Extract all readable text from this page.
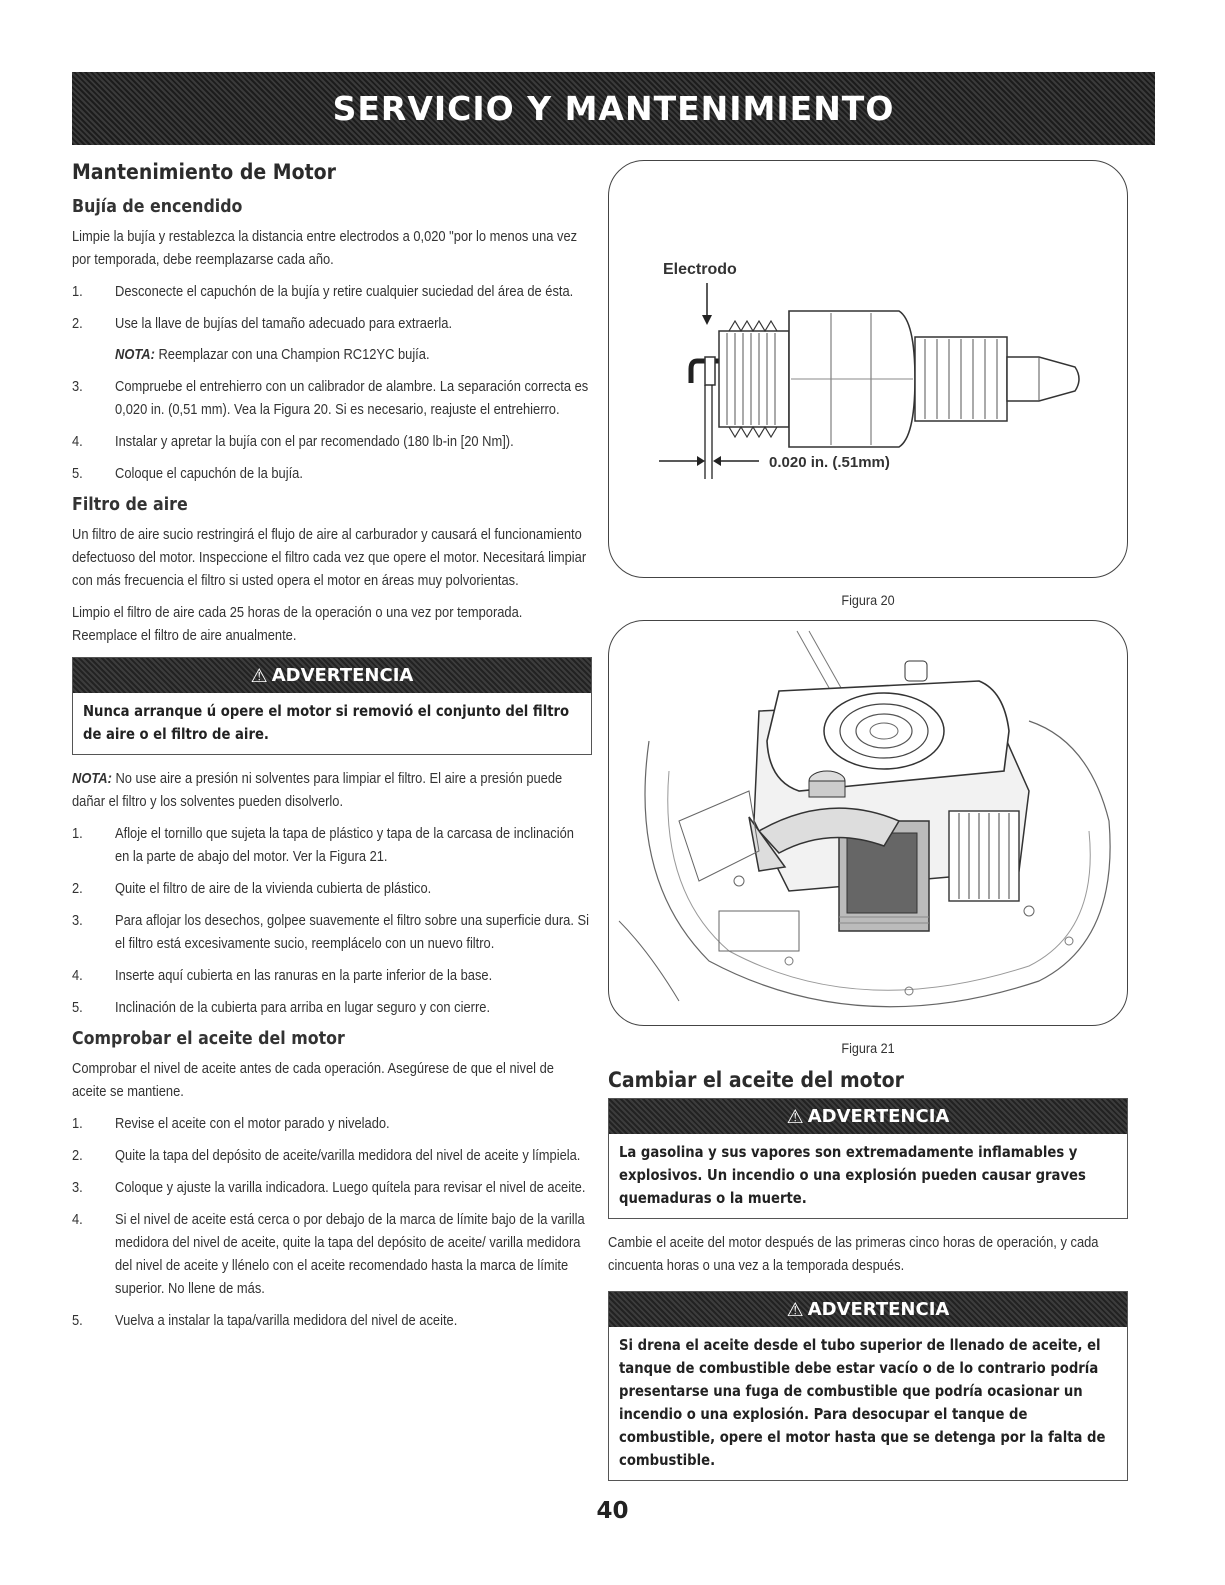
SERVICIO Y MANTENIMIENTO
Mantenimiento de Motor
Bujía de encendido
Limpie la bujía y restablezca la distancia entre electrodos a 0,020 "por lo menos una vez por temporada, debe reemplazarse cada año.
1.	Desconecte el capuchón de la bujía y retire cualquier suciedad del área de ésta.
2.	Use la llave de bujías del tamaño adecuado para extraerla.
NOTA: Reemplazar con una Champion RC12YC bujía.
3.	Compruebe el entrehierro con un calibrador de alambre. La separación correcta es 0,020 in. (0,51 mm). Vea la Figura 20. Si es necesario, reajuste el entrehierro.
4.	Instalar y apretar la bujía con el par recomendado (180 lb-in [20 Nm]).
5.	Coloque el capuchón de la bujía.
Filtro de aire
Un filtro de aire sucio restringirá el flujo de aire al carburador y causará el funcionamiento defectuoso del motor. Inspeccione el filtro cada vez que opere el motor. Necesitará limpiar con más frecuencia el filtro si usted opera el motor en áreas muy polvorientas.
Limpio el filtro de aire cada 25 horas de la operación o una vez por temporada. Reemplace el filtro de aire anualmente.
⚠ ADVERTENCIA
Nunca arranque ú opere el motor si removió el conjunto del filtro de aire o el filtro de aire.
NOTA: No use aire a presión ni solventes para limpiar el filtro. El aire a presión puede dañar el filtro y los solventes pueden disolverlo.
1.	Afloje el tornillo que sujeta la tapa de plástico y tapa de la carcasa de inclinación en la parte de abajo del motor. Ver la Figura 21.
2.	Quite el filtro de aire de la vivienda cubierta de plástico.
3.	Para aflojar los desechos, golpee suavemente el filtro sobre una superficie dura. Si el filtro está excesivamente sucio, reemplácelo con un nuevo filtro.
4.	Inserte aquí cubierta en las ranuras en la parte inferior de la base.
5.	Inclinación de la cubierta para arriba en lugar seguro y con cierre.
Comprobar el aceite del motor
Comprobar el nivel de aceite antes de cada operación. Asegúrese de que el nivel de aceite se mantiene.
1.	Revise el aceite con el motor parado y nivelado.
2.	Quite la tapa del depósito de aceite/varilla medidora del nivel de aceite y límpiela.
3.	Coloque y ajuste la varilla indicadora. Luego quítela para revisar el nivel de aceite.
4.	Si el nivel de aceite está cerca o por debajo de la marca de límite bajo de la varilla medidora del nivel de aceite, quite la tapa del depósito de aceite/ varilla medidora del nivel de aceite y llénelo con el aceite recomendado hasta la marca de límite superior. No llene de más.
5.	Vuelva a instalar la tapa/varilla medidora del nivel de aceite.
Electrodo
0.020 in. (.51mm)
Figura 20
Figura 21
Cambiar el aceite del motor
⚠ ADVERTENCIA
La gasolina y sus vapores son extremadamente inflamables y explosivos. Un incendio o una explosión pueden causar graves quemaduras o la muerte.
Cambie el aceite del motor después de las primeras cinco horas de operación, y cada cincuenta horas o una vez a la temporada después.
⚠ ADVERTENCIA
Si drena el aceite desde el tubo superior de llenado de aceite, el tanque de combustible debe estar vacío o de lo contrario podría presentarse una fuga de combustible que podría ocasionar un incendio o una explosión. Para desocupar el tanque de combustible, opere el motor hasta que se detenga por la falta de combustible.
40
